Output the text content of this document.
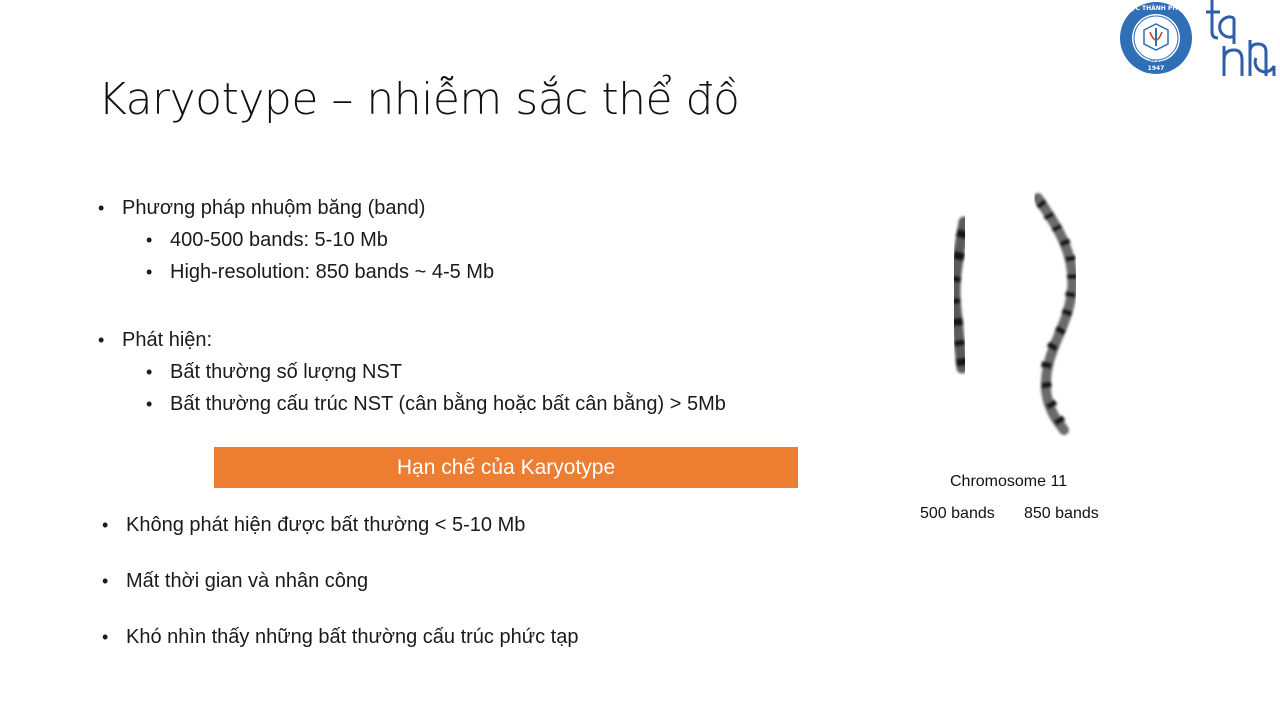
Karyotype – nhiễm sắc thể đồ
ĐẠI HỌC Y DƯỢC THÀNH PHỐ HỒ CHÍ MINH
1947
VIỆT NAM
• Phương pháp nhuộm băng (band)
• 400-500 bands: 5-10 Mb
• High-resolution: 850 bands ~ 4-5 Mb
• Phát hiện:
• Bất thường số lượng NST
• Bất thường cấu trúc NST (cân bằng hoặc bất cân bằng) > 5Mb
Hạn chế của Karyotype
• Không phát hiện được bất thường < 5-10 Mb
• Mất thời gian và nhân công
• Khó nhìn thấy những bất thường cấu trúc phức tạp
Chromosome 11
500 bands 850 bands
